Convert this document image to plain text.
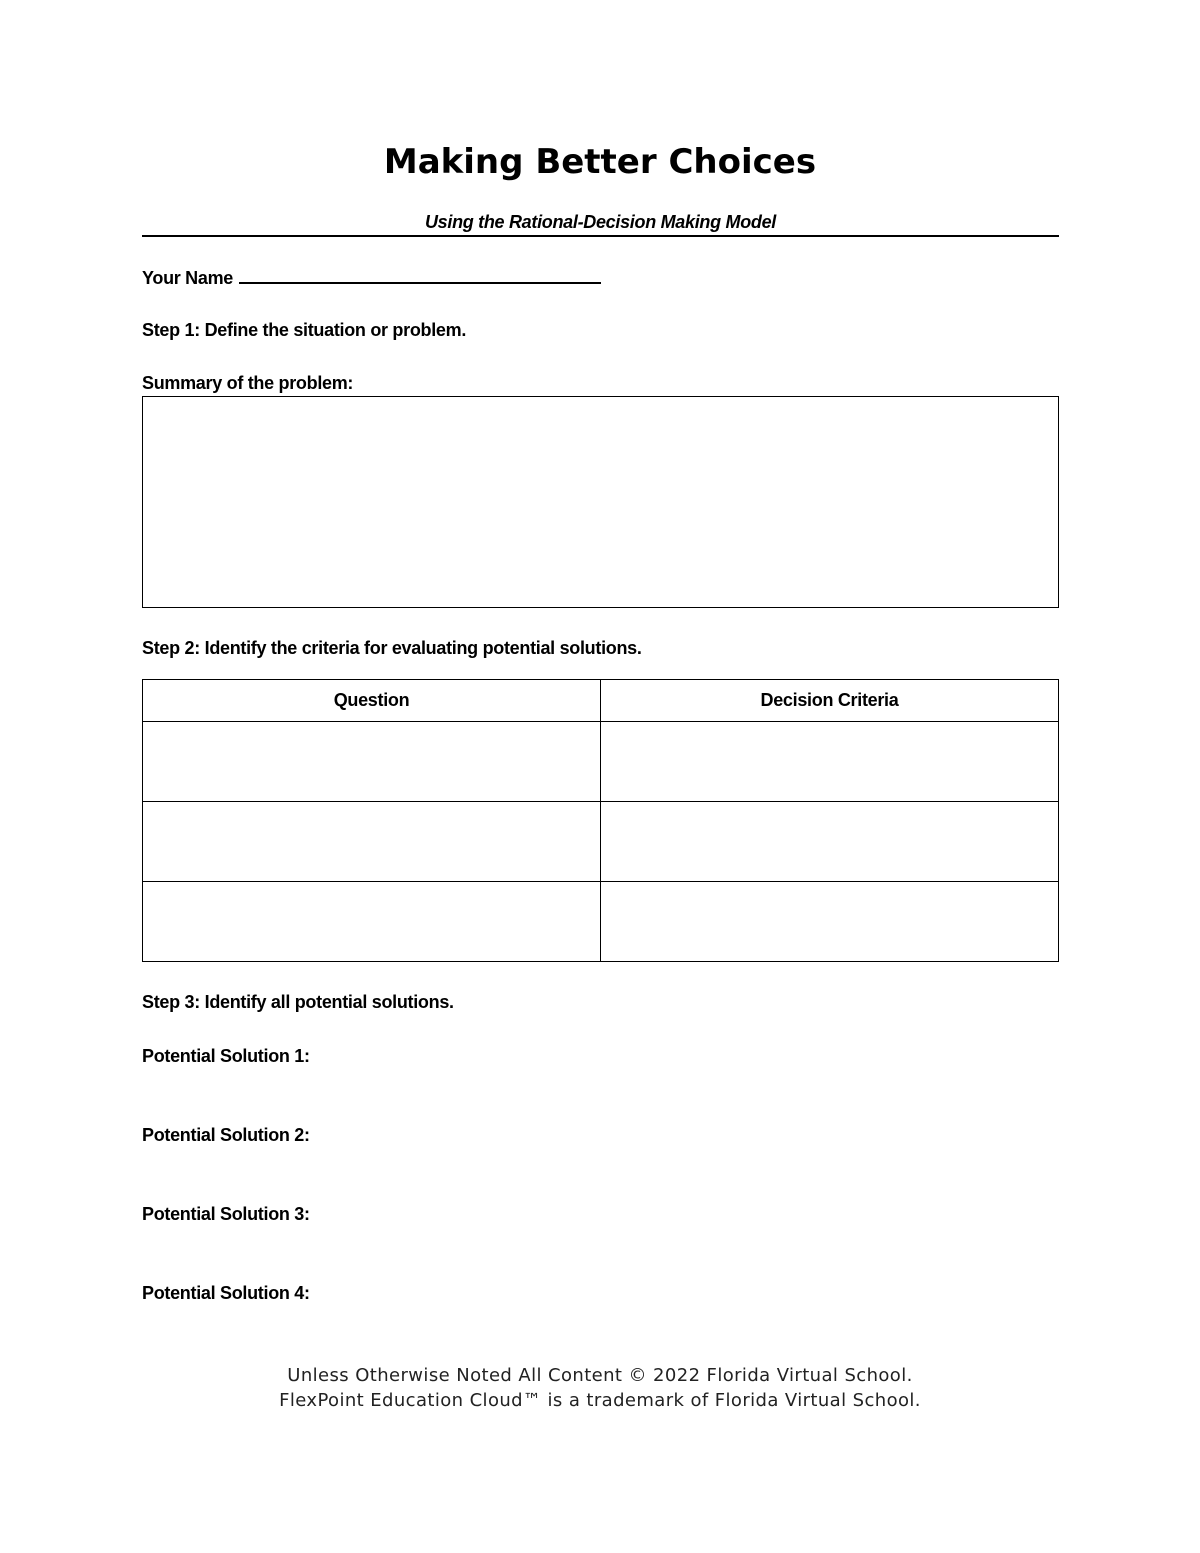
Making Better Choices
Using the Rational-Decision Making Model
Your Name
Step 1: Define the situation or problem.
Summary of the problem:
Step 2: Identify the criteria for evaluating potential solutions.
Question	Decision Criteria

Step 3: Identify all potential solutions.
Potential Solution 1:
Potential Solution 2:
Potential Solution 3:
Potential Solution 4:
Unless Otherwise Noted All Content © 2022 Florida Virtual School.
FlexPoint Education Cloud™ is a trademark of Florida Virtual School.
